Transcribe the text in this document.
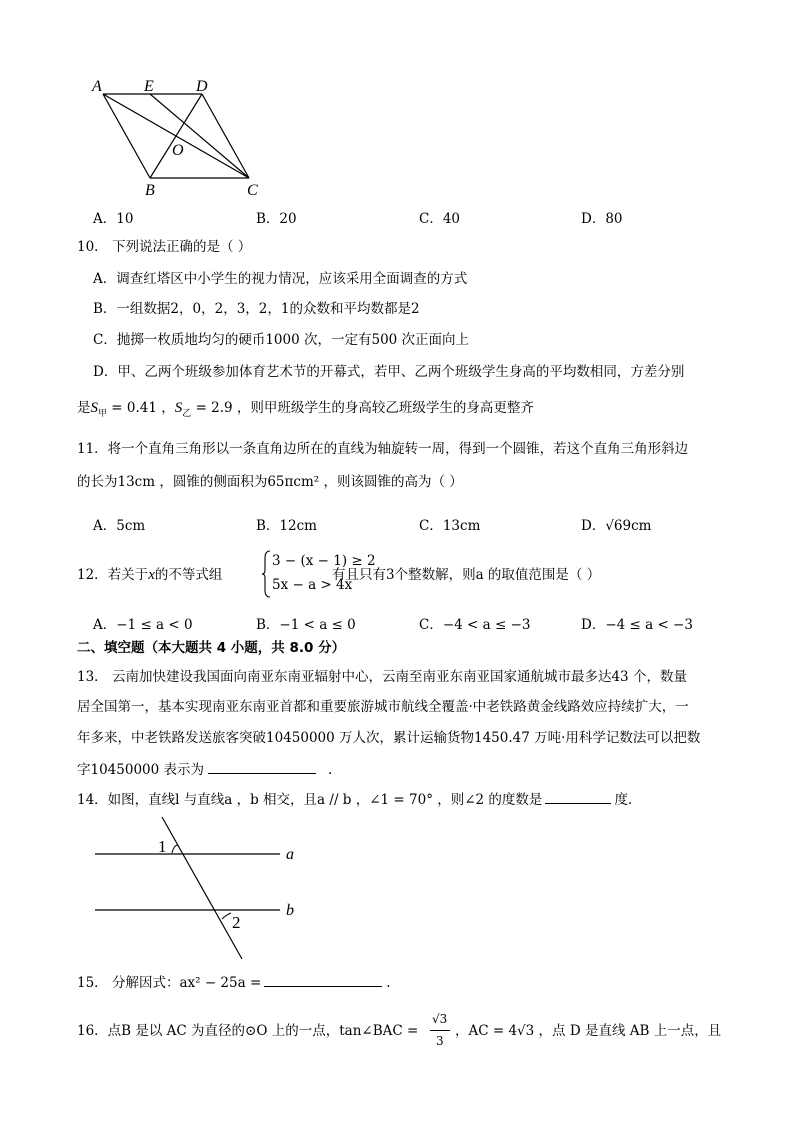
A	E	D
O
B	C
A．10	B．20	C．40	D．80
10． 下列说法正确的是（ ）
A．调查红塔区中小学生的视力情况，应该采用全面调查的方式
B．一组数据2，0，2，3，2，1的众数和平均数都是2
C．抛掷一枚质地均匀的硬币1000 次，一定有500 次正面向上
D．甲、乙两个班级参加体育艺术节的开幕式，若甲、乙两个班级学生身高的平均数相同，方差分别
是$S_甲 = 0.41$ ，$S_乙 = 2.9$ ，则甲班级学生的身高较乙班级学生的身高更整齐
11．将一个直角三角形以一条直角边所在的直线为轴旋转一周，得到一个圆锥，若这个直角三角形斜边
的长为13cm ，圆锥的侧面积为65πcm² ，则该圆锥的高为（ ）
A．5cm	B．12cm	C．13cm	D．√69cm
12．若关于x的不等式组
3 − (x − 1) ≥ 2
5x − a > 4x
有且只有3个整数解，则a 的取值范围是（ ）
A．−1 ≤ a < 0	B．−1 < a ≤ 0	C．−4 < a ≤ −3	D．−4 ≤ a < −3
二、填空题（本大题共 4 小题，共 8.0 分）
13． 云南加快建设我国面向南亚东南亚辐射中心，云南至南亚东南亚国家通航城市最多达43 个，数量
居全国第一，基本实现南亚东南亚首都和重要旅游城市航线全覆盖·中老铁路黄金线路效应持续扩大，一
年多来，中老铁路发送旅客突破10450000 万人次，累计运输货物1450.47 万吨·用科学记数法可以把数
字10450000 表示为	.
14．如图，直线l 与直线a ，b 相交，且a // b ，∠1 = 70° ，则∠2 的度数是	度.
1
2
a
b
15． 分解因式：ax² − 25a =	.
16．点B 是以 AC 为直径的⊙O 上的一点，tan∠BAC =
√3
3
，AC = 4√3 ，点 D 是直线 AB 上一点，且
